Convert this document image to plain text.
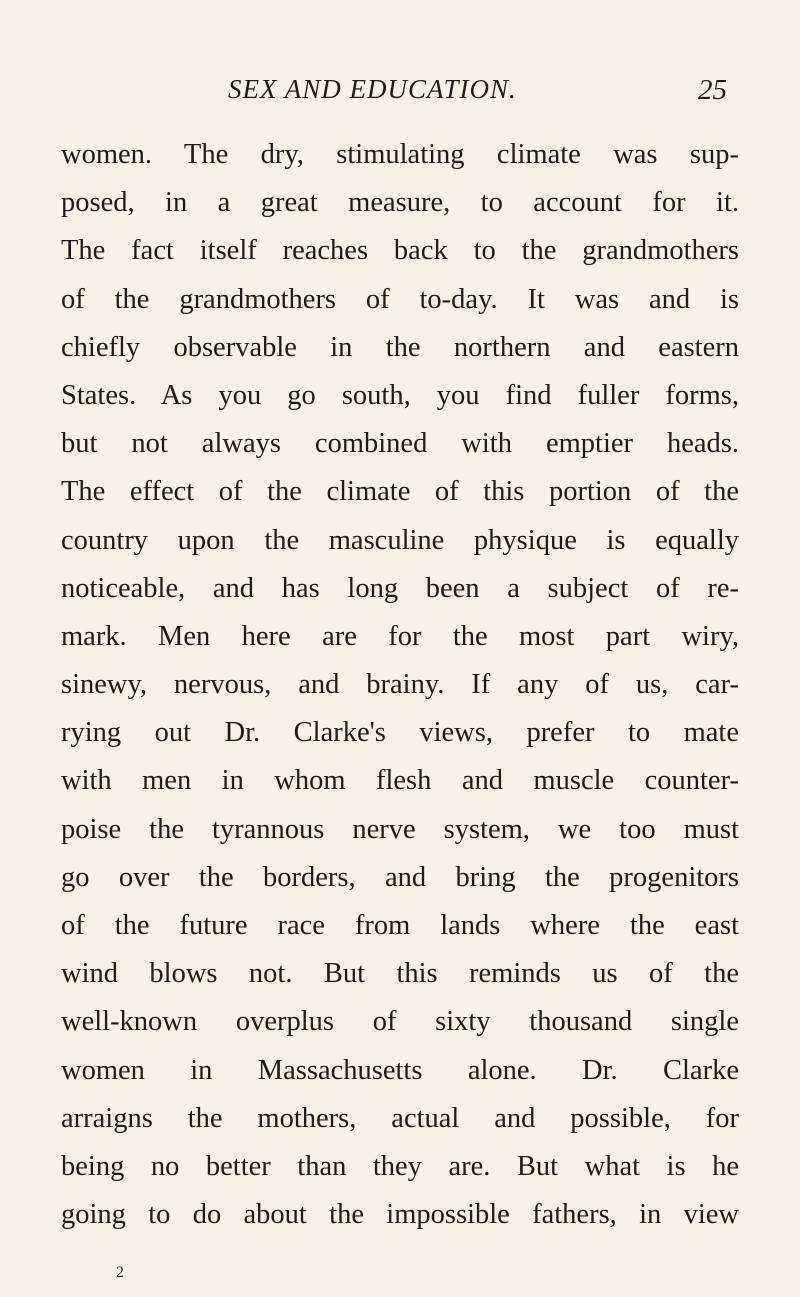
SEX AND EDUCATION.	25
women. The dry, stimulating climate was sup-
posed, in a great measure, to account for it.
The fact itself reaches back to the grandmothers
of the grandmothers of to-day. It was and is
chiefly observable in the northern and eastern
States. As you go south, you find fuller forms,
but not always combined with emptier heads.
The effect of the climate of this portion of the
country upon the masculine physique is equally
noticeable, and has long been a subject of re-
mark. Men here are for the most part wiry,
sinewy, nervous, and brainy. If any of us, car-
rying out Dr. Clarke's views, prefer to mate
with men in whom flesh and muscle counter-
poise the tyrannous nerve system, we too must
go over the borders, and bring the progenitors
of the future race from lands where the east
wind blows not. But this reminds us of the
well-known overplus of sixty thousand single
women in Massachusetts alone. Dr. Clarke
arraigns the mothers, actual and possible, for
being no better than they are. But what is he
going to do about the impossible fathers, in view
2
